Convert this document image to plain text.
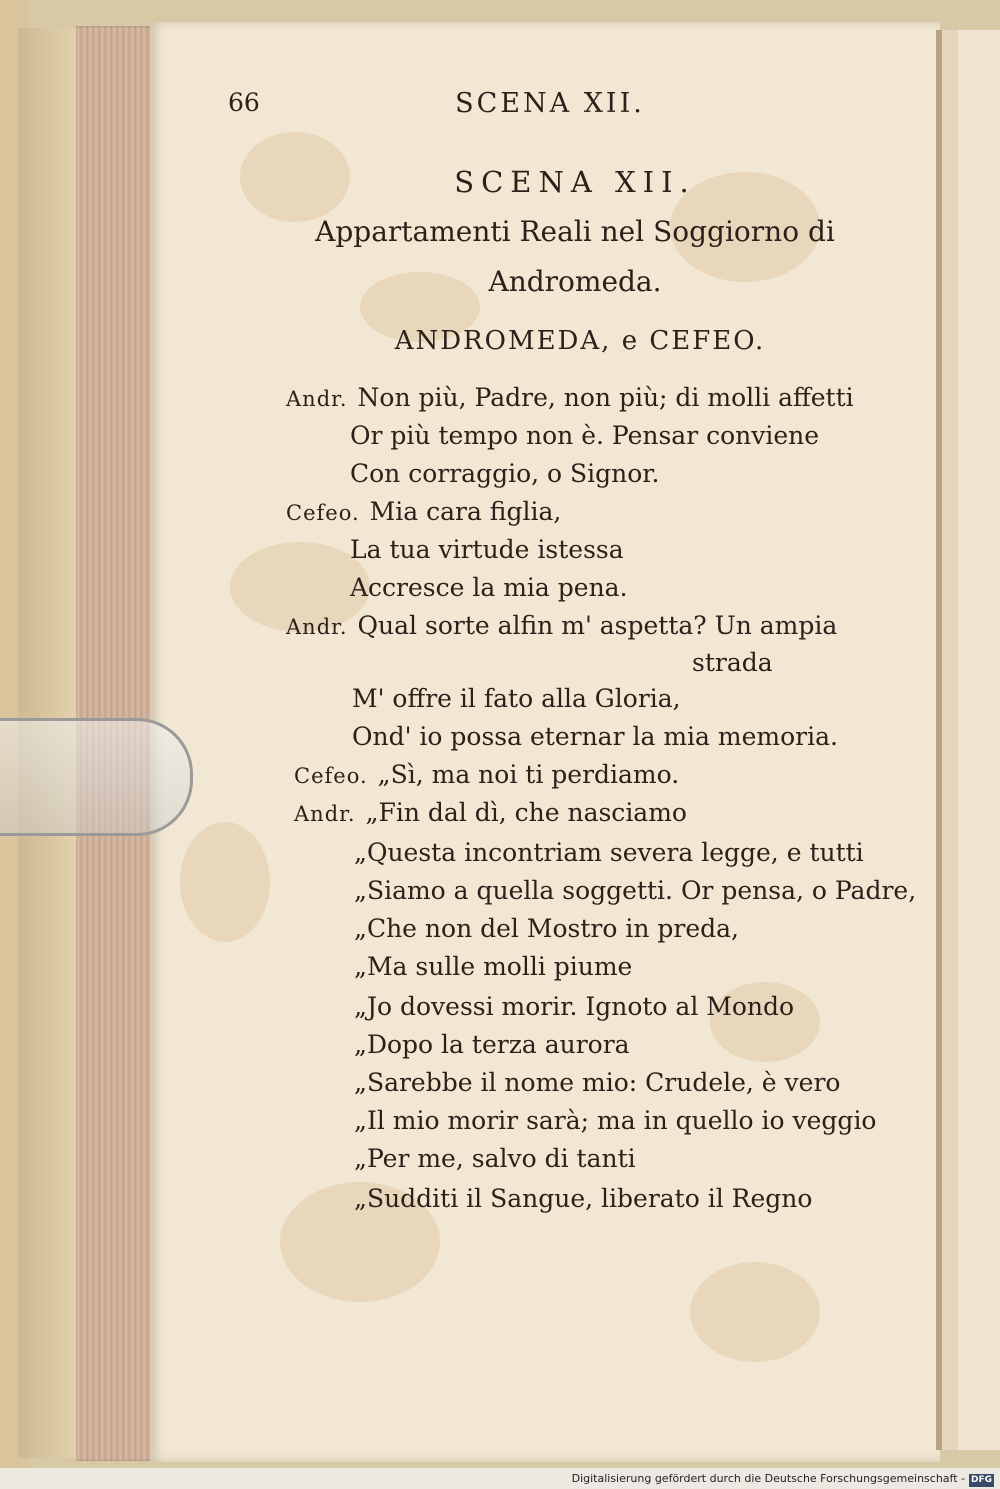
66	SCENA XII.
SCENA XII.
Appartamenti Reali nel Soggiorno di
Andromeda.
ANDROMEDA, e CEFEO.
Andr. Non più, Padre, non più; di molli affetti
Or più tempo non è. Pensar conviene
Con corraggio, o Signor.
Cefeo. Mia cara figlia,
La tua virtude istessa
Accresce la mia pena.
Andr. Qual sorte alfin m' aspetta? Un ampia
strada
M' offre il fato alla Gloria,
Ond' io possa eternar la mia memoria.
Cefeo. „Sì, ma noi ti perdiamo.
Andr. „Fin dal dì, che nasciamo
„Questa incontriam severa legge, e tutti
„Siamo a quella soggetti. Or pensa, o Padre,
„Che non del Mostro in preda,
„Ma sulle molli piume
„Jo dovessi morir. Ignoto al Mondo
„Dopo la terza aurora
„Sarebbe il nome mio: Crudele, è vero
„Il mio morir sarà; ma in quello io veggio
„Per me, salvo di tanti
„Sudditi il Sangue, liberato il Regno
Digitalisierung gefördert durch die Deutsche Forschungsgemeinschaft - DFG
